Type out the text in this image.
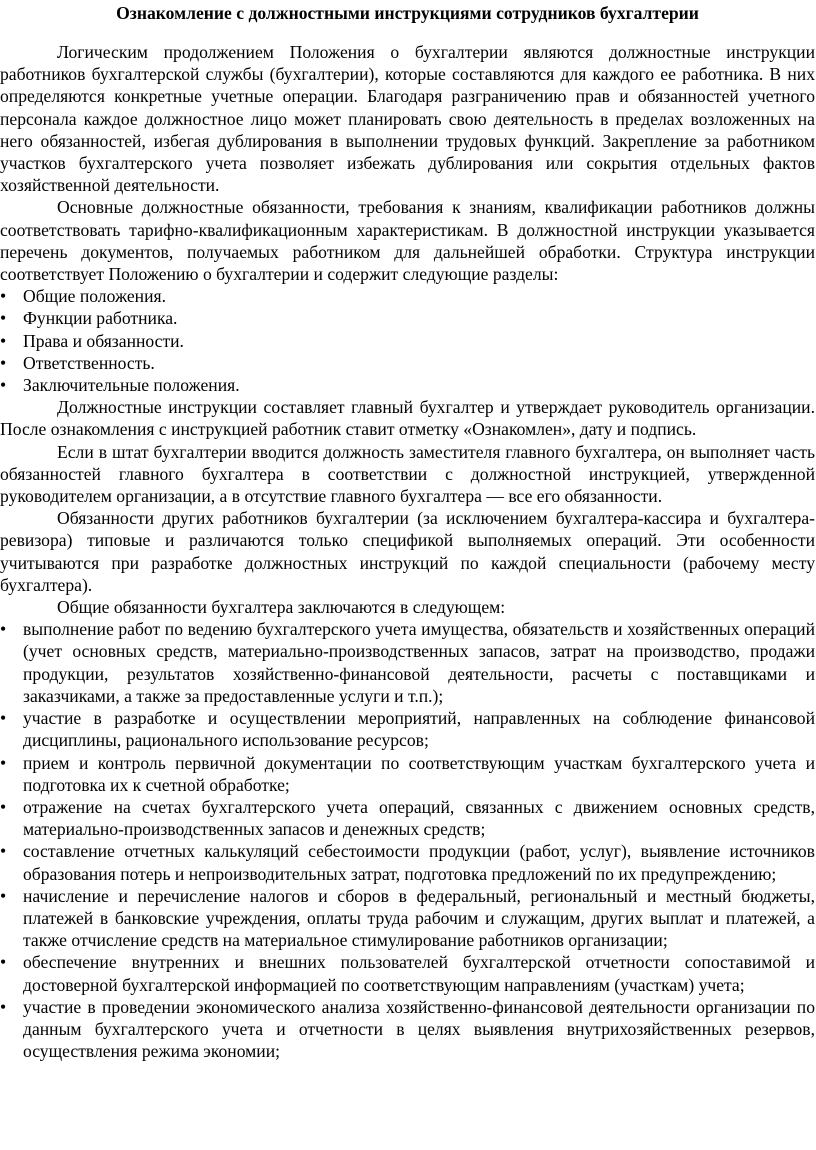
Ознакомление с должностными инструкциями сотрудников бухгалтерии

Логическим продолжением Положения о бухгалтерии являются должностные инструкции работников бухгалтерской службы (бухгалтерии), которые составляются для каждого ее работника. В них определяются конкретные учетные операции. Благодаря разграничению прав и обязанностей учетного персонала каждое должностное лицо может планировать свою деятельность в пределах возложенных на него обязанностей, избегая дублирования в выполнении трудовых функций. Закрепление за работником участков бухгалтерского учета позволяет избежать дублирования или сокрытия отдельных фактов хозяйственной деятельности.

Основные должностные обязанности, требования к знаниям, квалификации работников должны соответствовать тарифно-квалификационным характеристикам. В должностной инструкции указывается перечень документов, получаемых работником для дальнейшей обработки. Структура инструкции соответствует Положению о бухгалтерии и содержит следующие разделы:

• Общие положения.
• Функции работника.
• Права и обязанности.
• Ответственность.
• Заключительные положения.

Должностные инструкции составляет главный бухгалтер и утверждает руководитель организации. После ознакомления с инструкцией работник ставит отметку «Ознакомлен», дату и подпись.

Если в штат бухгалтерии вводится должность заместителя главного бухгалтера, он выполняет часть обязанностей главного бухгалтера в соответствии с должностной инструкцией, утвержденной руководителем организации, а в отсутствие главного бухгалтера — все его обязанности.

Обязанности других работников бухгалтерии (за исключением бухгалтера-кассира и бухгалтера-ревизора) типовые и различаются только спецификой выполняемых операций. Эти особенности учитываются при разработке должностных инструкций по каждой специальности (рабочему месту бухгалтера).

Общие обязанности бухгалтера заключаются в следующем:

• выполнение работ по ведению бухгалтерского учета имущества, обязательств и хозяйственных операций (учет основных средств, материально-производственных запасов, затрат на производство, продажи продукции, результатов хозяйственно-финансовой деятельности, расчеты с поставщиками и заказчиками, а также за предоставленные услуги и т.п.);
• участие в разработке и осуществлении мероприятий, направленных на соблюдение финансовой дисциплины, рационального использование ресурсов;
• прием и контроль первичной документации по соответствующим участкам бухгалтерского учета и подготовка их к счетной обработке;
• отражение на счетах бухгалтерского учета операций, связанных с движением основных средств, материально-производственных запасов и денежных средств;
• составление отчетных калькуляций себестоимости продукции (работ, услуг), выявление источников образования потерь и непроизводительных затрат, подготовка предложений по их предупреждению;
• начисление и перечисление налогов и сборов в федеральный, региональный и местный бюджеты, платежей в банковские учреждения, оплаты труда рабочим и служащим, других выплат и платежей, а также отчисление средств на материальное стимулирование работников организации;
• обеспечение внутренних и внешних пользователей бухгалтерской отчетности сопоставимой и достоверной бухгалтерской информацией по соответствующим направлениям (участкам) учета;
• участие в проведении экономического анализа хозяйственно-финансовой деятельности организации по данным бухгалтерского учета и отчетности в целях выявления внутрихозяйственных резервов, осуществления режима экономии;
